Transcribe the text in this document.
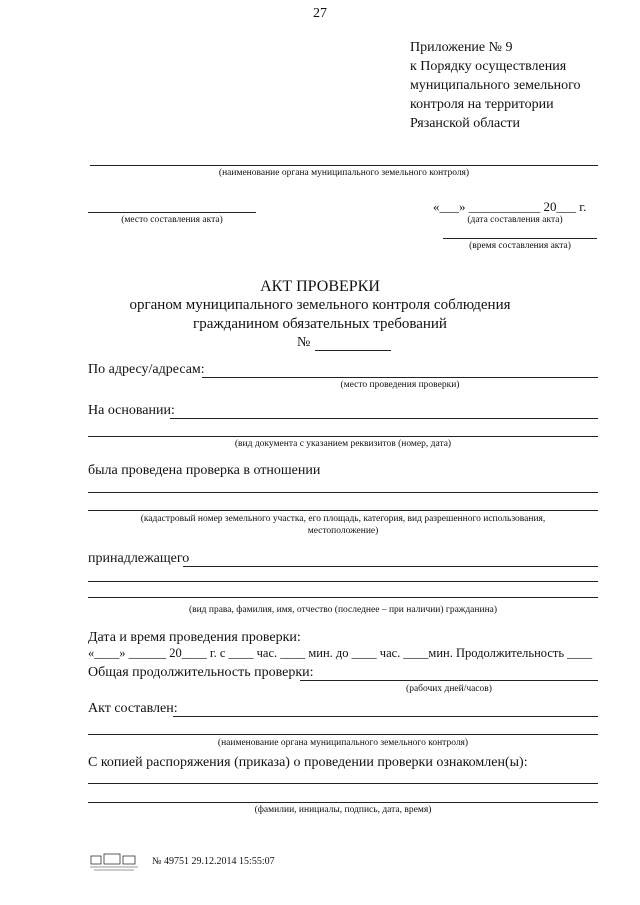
27
Приложение № 9
к Порядку осуществления
муниципального земельного
контроля на территории
Рязанской области
(наименование органа муниципального земельного контроля)
(место составления акта)
«___» ___________ 20___ г.
(дата составления акта)
(время составления акта)
АКТ ПРОВЕРКИ
органом муниципального земельного контроля соблюдения
гражданином обязательных требований
№
По адресу/адресам:
(место проведения проверки)
На основании:
(вид документа с указанием реквизитов (номер, дата)
была проведена проверка в отношении
(кадастровый номер земельного участка, его площадь, категория, вид разрешенного использования,
местоположение)
принадлежащего
(вид права, фамилия, имя, отчество (последнее – при наличии) гражданина)
Дата и время проведения проверки:
«____» ______ 20____ г. с ____ час. ____ мин. до ____ час. ____мин. Продолжительность ____
Общая продолжительность проверки:
(рабочих дней/часов)
Акт составлен:
(наименование органа муниципального земельного контроля)
С копией распоряжения (приказа) о проведении проверки ознакомлен(ы):
(фамилии, инициалы, подпись, дата, время)
№ 49751 29.12.2014 15:55:07
